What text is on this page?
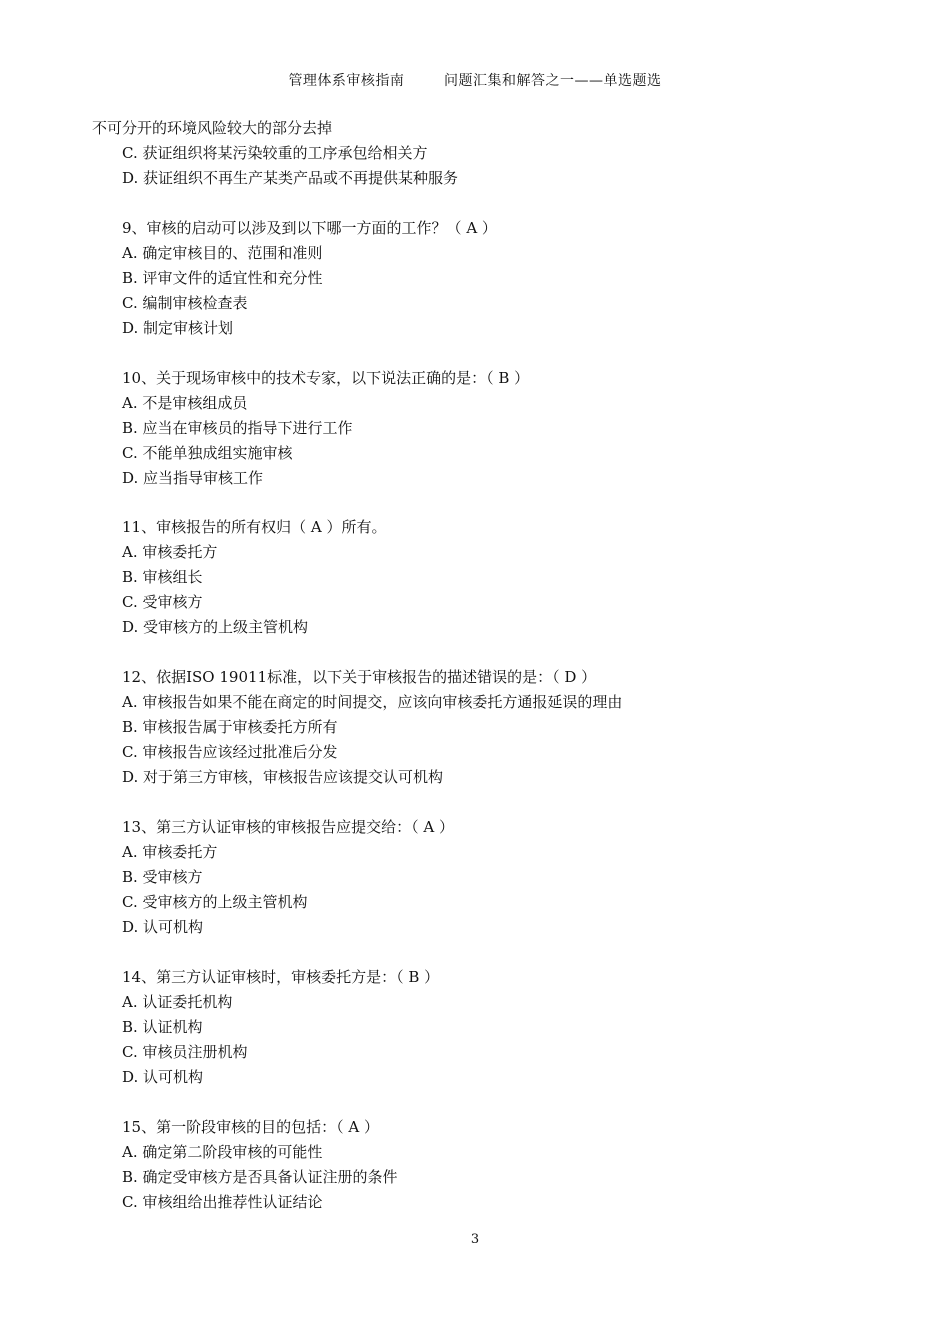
管理体系审核指南	问题汇集和解答之一——单选题选
不可分开的环境风险较大的部分去掉
C. 获证组织将某污染较重的工序承包给相关方
D. 获证组织不再生产某类产品或不再提供某种服务
9、审核的启动可以涉及到以下哪一方面的工作？（ A ）
A. 确定审核目的、范围和准则
B. 评审文件的适宜性和充分性
C. 编制审核检查表
D. 制定审核计划
10、关于现场审核中的技术专家，以下说法正确的是：（ B ）
A. 不是审核组成员
B. 应当在审核员的指导下进行工作
C. 不能单独成组实施审核
D. 应当指导审核工作
11、审核报告的所有权归（ A ）所有。
A. 审核委托方
B. 审核组长
C. 受审核方
D. 受审核方的上级主管机构
12、依据ISO 19011标准，以下关于审核报告的描述错误的是：（ D ）
A. 审核报告如果不能在商定的时间提交，应该向审核委托方通报延误的理由
B. 审核报告属于审核委托方所有
C. 审核报告应该经过批准后分发
D. 对于第三方审核，审核报告应该提交认可机构
13、第三方认证审核的审核报告应提交给：（ A ）
A. 审核委托方
B. 受审核方
C. 受审核方的上级主管机构
D. 认可机构
14、第三方认证审核时，审核委托方是：（ B ）
A. 认证委托机构
B. 认证机构
C. 审核员注册机构
D. 认可机构
15、第一阶段审核的目的包括：（ A ）
A. 确定第二阶段审核的可能性
B. 确定受审核方是否具备认证注册的条件
C. 审核组给出推荐性认证结论
3
